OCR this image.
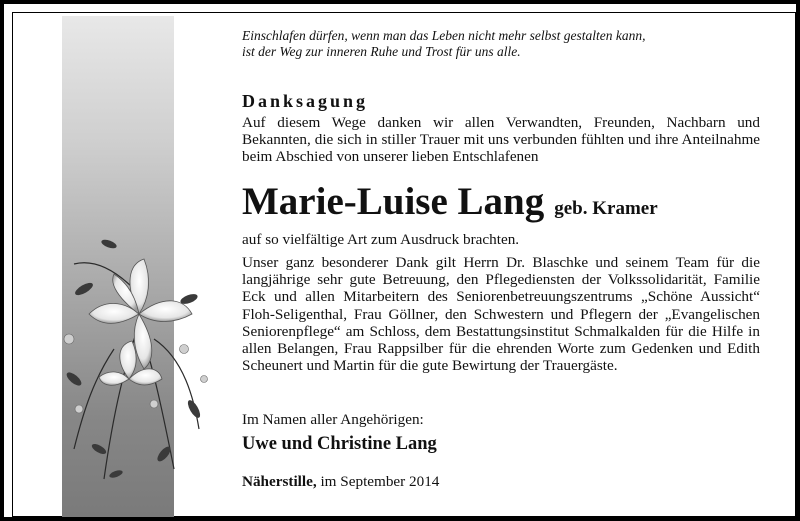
Einschlafen dürfen, wenn man das Leben nicht mehr selbst gestalten kann,
ist der Weg zur inneren Ruhe und Trost für uns alle.

Danksagung

Auf diesem Wege danken wir allen Verwandten, Freunden, Nachbarn und Bekannten, die sich in stiller Trauer mit uns verbunden fühlten und ihre Anteilnahme beim Abschied von unserer lieben Entschlafenen

Marie-Luise Lang geb. Kramer

auf so vielfältige Art zum Ausdruck brachten.

Unser ganz besonderer Dank gilt Herrn Dr. Blaschke und seinem Team für die langjährige sehr gute Betreuung, den Pflegediensten der Volkssolidarität, Familie Eck und allen Mitarbeitern des Seniorenbetreuungszentrums „Schöne Aussicht“ Floh-Seligenthal, Frau Göllner, den Schwestern und Pflegern der „Evangelischen Seniorenpflege“ am Schloss, dem Bestattungsinstitut Schmalkalden für die Hilfe in allen Belangen, Frau Rappsilber für die ehrenden Worte zum Gedenken und Edith Scheunert und Martin für die gute Bewirtung der Trauergäste.

Im Namen aller Angehörigen:

Uwe und Christine Lang
Näherstille, im September 2014
